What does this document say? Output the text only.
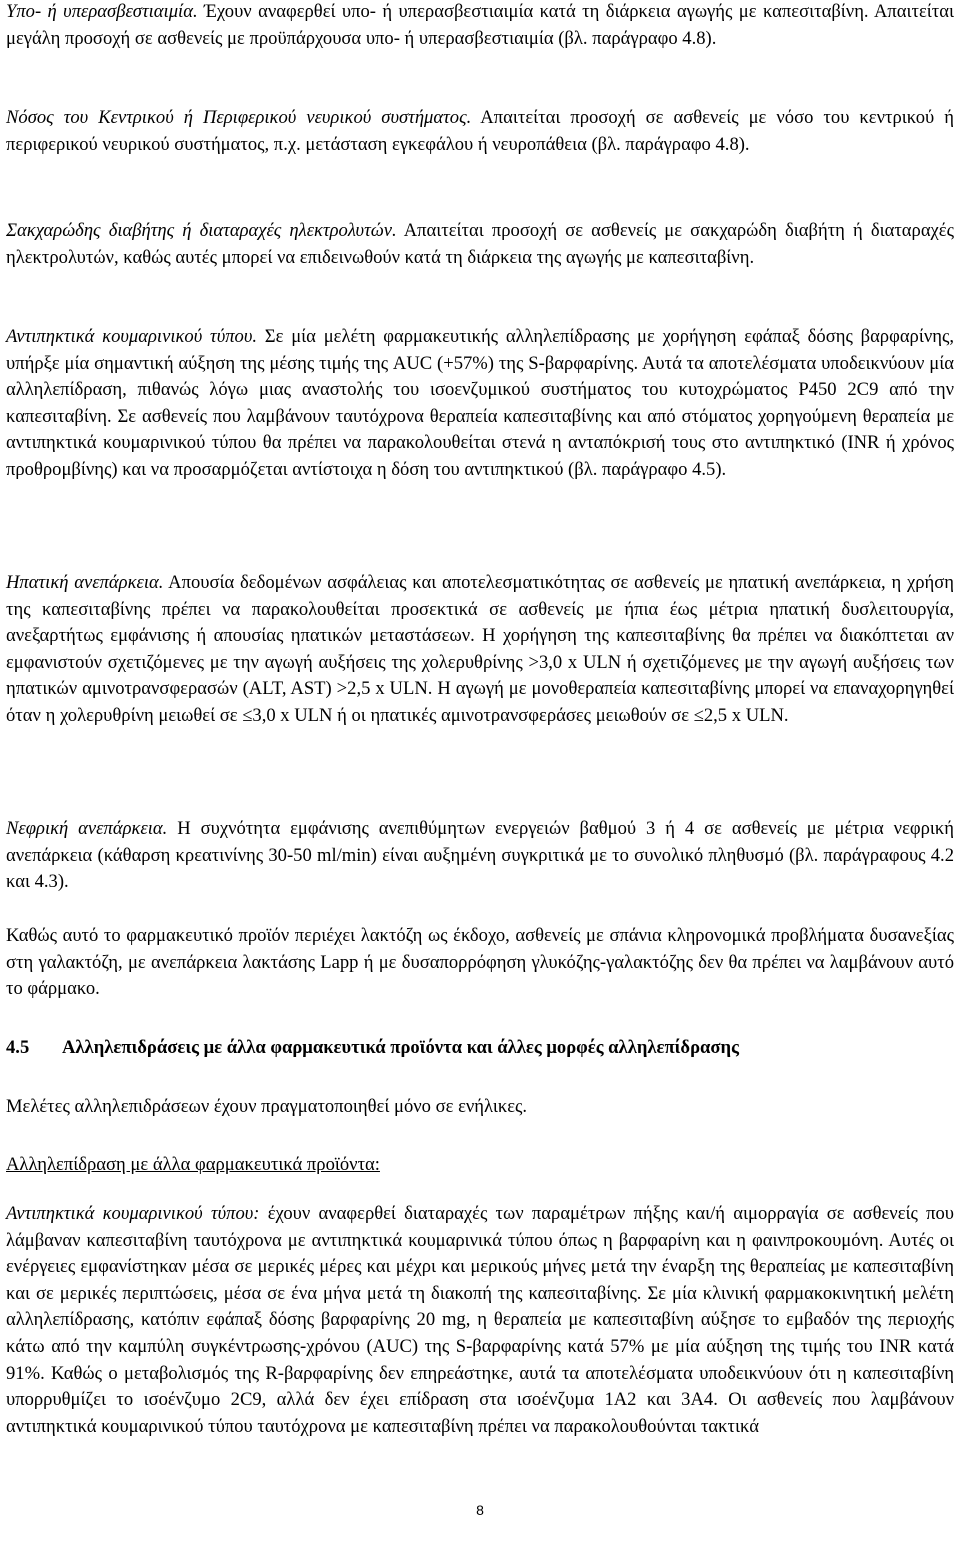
Υπο- ή υπερασβεστιαιμία. Έχουν αναφερθεί υπο- ή υπερασβεστιαιμία κατά τη διάρκεια αγωγής με καπεσιταβίνη. Απαιτείται μεγάλη προσοχή σε ασθενείς με προϋπάρχουσα υπο- ή υπερασβεστιαιμία (βλ. παράγραφο 4.8).

Νόσος του Κεντρικού ή Περιφερικού νευρικού συστήματος. Απαιτείται προσοχή σε ασθενείς με νόσο του κεντρικού ή περιφερικού νευρικού συστήματος, π.χ. μετάσταση εγκεφάλου ή νευροπάθεια (βλ. παράγραφο 4.8).

Σακχαρώδης διαβήτης ή διαταραχές ηλεκτρολυτών. Απαιτείται προσοχή σε ασθενείς με σακχαρώδη διαβήτη ή διαταραχές ηλεκτρολυτών, καθώς αυτές μπορεί να επιδεινωθούν κατά τη διάρκεια της αγωγής με καπεσιταβίνη.

Αντιπηκτικά κουμαρινικού τύπου. Σε μία μελέτη φαρμακευτικής αλληλεπίδρασης με χορήγηση εφάπαξ δόσης βαρφαρίνης, υπήρξε μία σημαντική αύξηση της μέσης τιμής της AUC (+57%) της S-βαρφαρίνης. Αυτά τα αποτελέσματα υποδεικνύουν μία αλληλεπίδραση, πιθανώς λόγω μιας αναστολής του ισοενζυμικού συστήματος του κυτοχρώματος P450 2C9 από την καπεσιταβίνη. Σε ασθενείς που λαμβάνουν ταυτόχρονα θεραπεία καπεσιταβίνης και από στόματος χορηγούμενη θεραπεία με αντιπηκτικά κουμαρινικού τύπου θα πρέπει να παρακολουθείται στενά η ανταπόκρισή τους στο αντιπηκτικό (INR ή χρόνος προθρομβίνης) και να προσαρμόζεται αντίστοιχα η δόση του αντιπηκτικού (βλ. παράγραφο 4.5).

Ηπατική ανεπάρκεια. Απουσία δεδομένων ασφάλειας και αποτελεσματικότητας σε ασθενείς με ηπατική ανεπάρκεια, η χρήση της καπεσιταβίνης πρέπει να παρακολουθείται προσεκτικά σε ασθενείς με ήπια έως μέτρια ηπατική δυσλειτουργία, ανεξαρτήτως εμφάνισης ή απουσίας ηπατικών μεταστάσεων. Η χορήγηση της καπεσιταβίνης θα πρέπει να διακόπτεται αν εμφανιστούν σχετιζόμενες με την αγωγή αυξήσεις της χολερυθρίνης >3,0 x ULN ή σχετιζόμενες με την αγωγή αυξήσεις των ηπατικών αμινοτρανσφερασών (ALT, AST) >2,5 x ULN. Η αγωγή με μονοθεραπεία καπεσιταβίνης μπορεί να επαναχορηγηθεί όταν η χολερυθρίνη μειωθεί σε ≤3,0 x ULN ή οι ηπατικές αμινοτρανσφεράσες μειωθούν σε ≤2,5 x ULN.

Νεφρική ανεπάρκεια. Η συχνότητα εμφάνισης ανεπιθύμητων ενεργειών βαθμού 3 ή 4 σε ασθενείς με μέτρια νεφρική ανεπάρκεια (κάθαρση κρεατινίνης 30-50 ml/min) είναι αυξημένη συγκριτικά με το συνολικό πληθυσμό (βλ. παράγραφους 4.2 και 4.3).

Καθώς αυτό το φαρμακευτικό προϊόν περιέχει λακτόζη ως έκδοχο, ασθενείς με σπάνια κληρονομικά προβλήματα δυσανεξίας στη γαλακτόζη, με ανεπάρκεια λακτάσης Lapp ή με δυσαπορρόφηση γλυκόζης-γαλακτόζης δεν θα πρέπει να λαμβάνουν αυτό το φάρμακο.

4.5 Αλληλεπιδράσεις με άλλα φαρμακευτικά προϊόντα και άλλες μορφές αλληλεπίδρασης

Μελέτες αλληλεπιδράσεων έχουν πραγματοποιηθεί μόνο σε ενήλικες.

Αλληλεπίδραση με άλλα φαρμακευτικά προϊόντα:

Αντιπηκτικά κουμαρινικού τύπου: έχουν αναφερθεί διαταραχές των παραμέτρων πήξης και/ή αιμορραγία σε ασθενείς που λάμβαναν καπεσιταβίνη ταυτόχρονα με αντιπηκτικά κουμαρινικά τύπου όπως η βαρφαρίνη και η φαινπροκουμόνη. Αυτές οι ενέργειες εμφανίστηκαν μέσα σε μερικές μέρες και μέχρι και μερικούς μήνες μετά την έναρξη της θεραπείας με καπεσιταβίνη και σε μερικές περιπτώσεις, μέσα σε ένα μήνα μετά τη διακοπή της καπεσιταβίνης. Σε μία κλινική φαρμακοκινητική μελέτη αλληλεπίδρασης, κατόπιν εφάπαξ δόσης βαρφαρίνης 20 mg, η θεραπεία με καπεσιταβίνη αύξησε το εμβαδόν της περιοχής κάτω από την καμπύλη συγκέντρωσης-χρόνου (AUC) της S-βαρφαρίνης κατά 57% με μία αύξηση της τιμής του INR κατά 91%. Καθώς ο μεταβολισμός της R-βαρφαρίνης δεν επηρεάστηκε, αυτά τα αποτελέσματα υποδεικνύουν ότι η καπεσιταβίνη υπορρυθμίζει το ισοένζυμο 2C9, αλλά δεν έχει επίδραση στα ισοένζυμα 1A2 και 3A4. Οι ασθενείς που λαμβάνουν αντιπηκτικά κουμαρινικού τύπου ταυτόχρονα με καπεσιταβίνη πρέπει να παρακολουθούνται τακτικά

8
